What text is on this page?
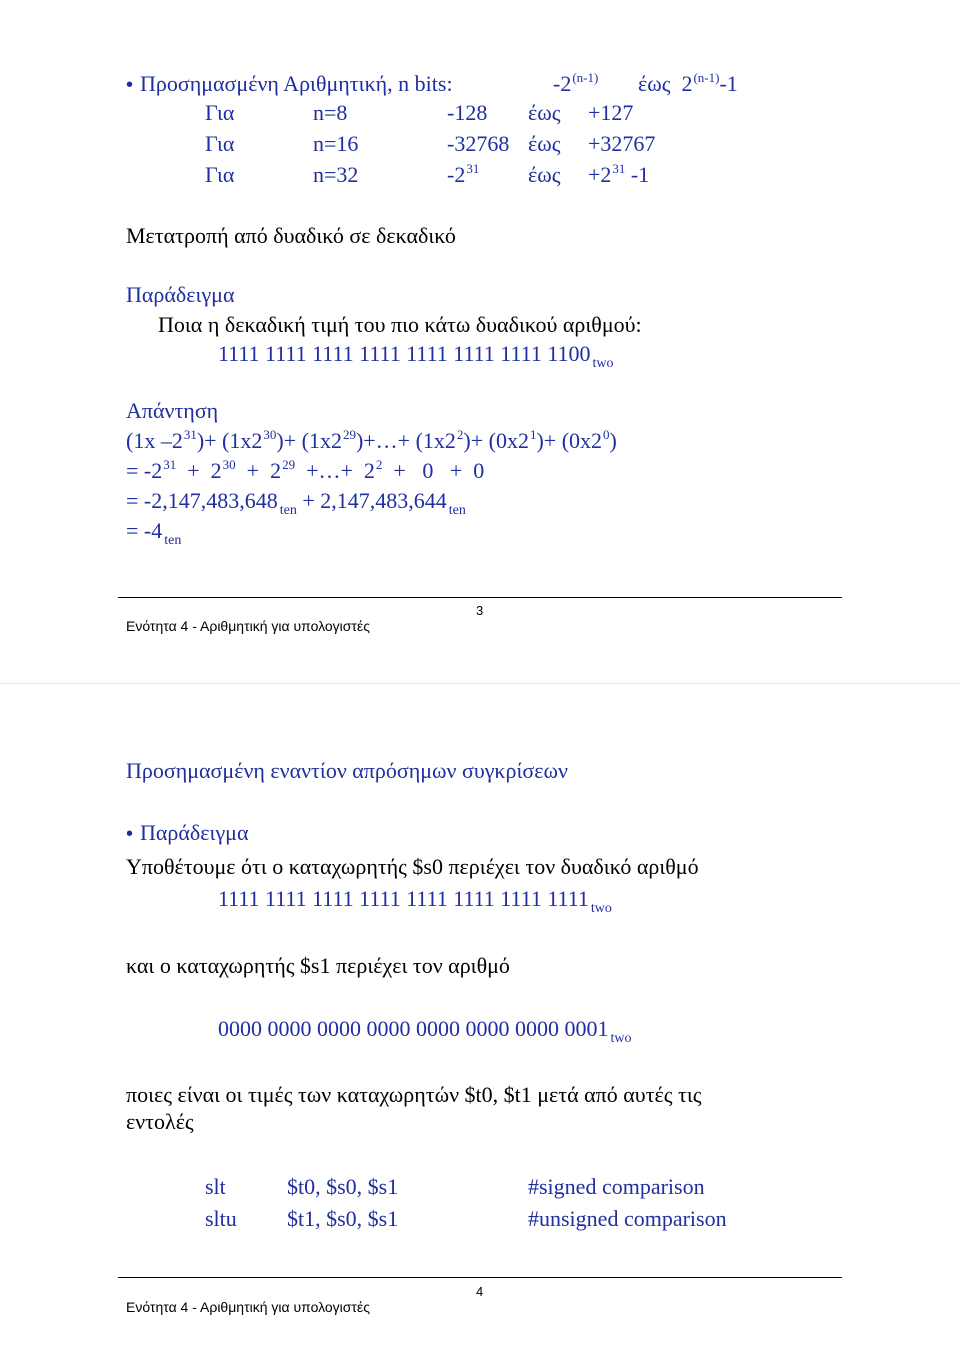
• Προσημασμένη Αριθμητική, n bits:	-2$^{(n-1)}$ έως 2$^{(n-1)}$-1
Για	n=8	-128 έως +127
Για	n=16	-32768 έως +32767
Για	n=32	$-2^{31}$ $έ\omega\varsigma +2^{31}$ -1
Μετατροπή από δυαδικό σε δεκαδικό
Παράδειγμα
Ποια η δεκαδική τιμή του πιο κάτω δυαδικού αριθμού:
1111 1111 1111 1111 1111 1111 1111 1100 $_{two}$
Απάντηση
(1x $-2^{31})+ (1x2^{30})+$ $(1x2^{29})+\dots+ (1x2^2)+ (0x2^1)+ (0x2^0)$
= $-2^{31} + 2^{30} + 2^{29}$  +…+  $2^2 + 0 + 0$
= -2,147,483,648 $_{ten}$ + 2,147,483,644 $_{ten}$
= -4 $_{ten}$
3
Ενότητα 4 - Αριθμητική για υπολογιστές
Προσημασμένη εναντίον απρόσημων συγκρίσεων
• Παράδειγμα
Υποθέτουμε ότι ο καταχωρητής $s0 περιέχει τον δυαδικό αριθμό
1111 1111 1111 1111 1111 1111 1111 1111 $_{two}$
και ο καταχωρητής $s1 περιέχει τον αριθμό
0000 0000 0000 0000 0000 0000 0000 0001 $_{two}$
ποιες είναι οι τιμές των καταχωρητών $t0, $t1 μετά από αυτές τις
εντολές
slt	$t0, $s0, $s1	#signed comparison
sltu $t1, $s0, $s1	#unsigned comparison
4
Ενότητα 4 - Αριθμητική για υπολογιστές
